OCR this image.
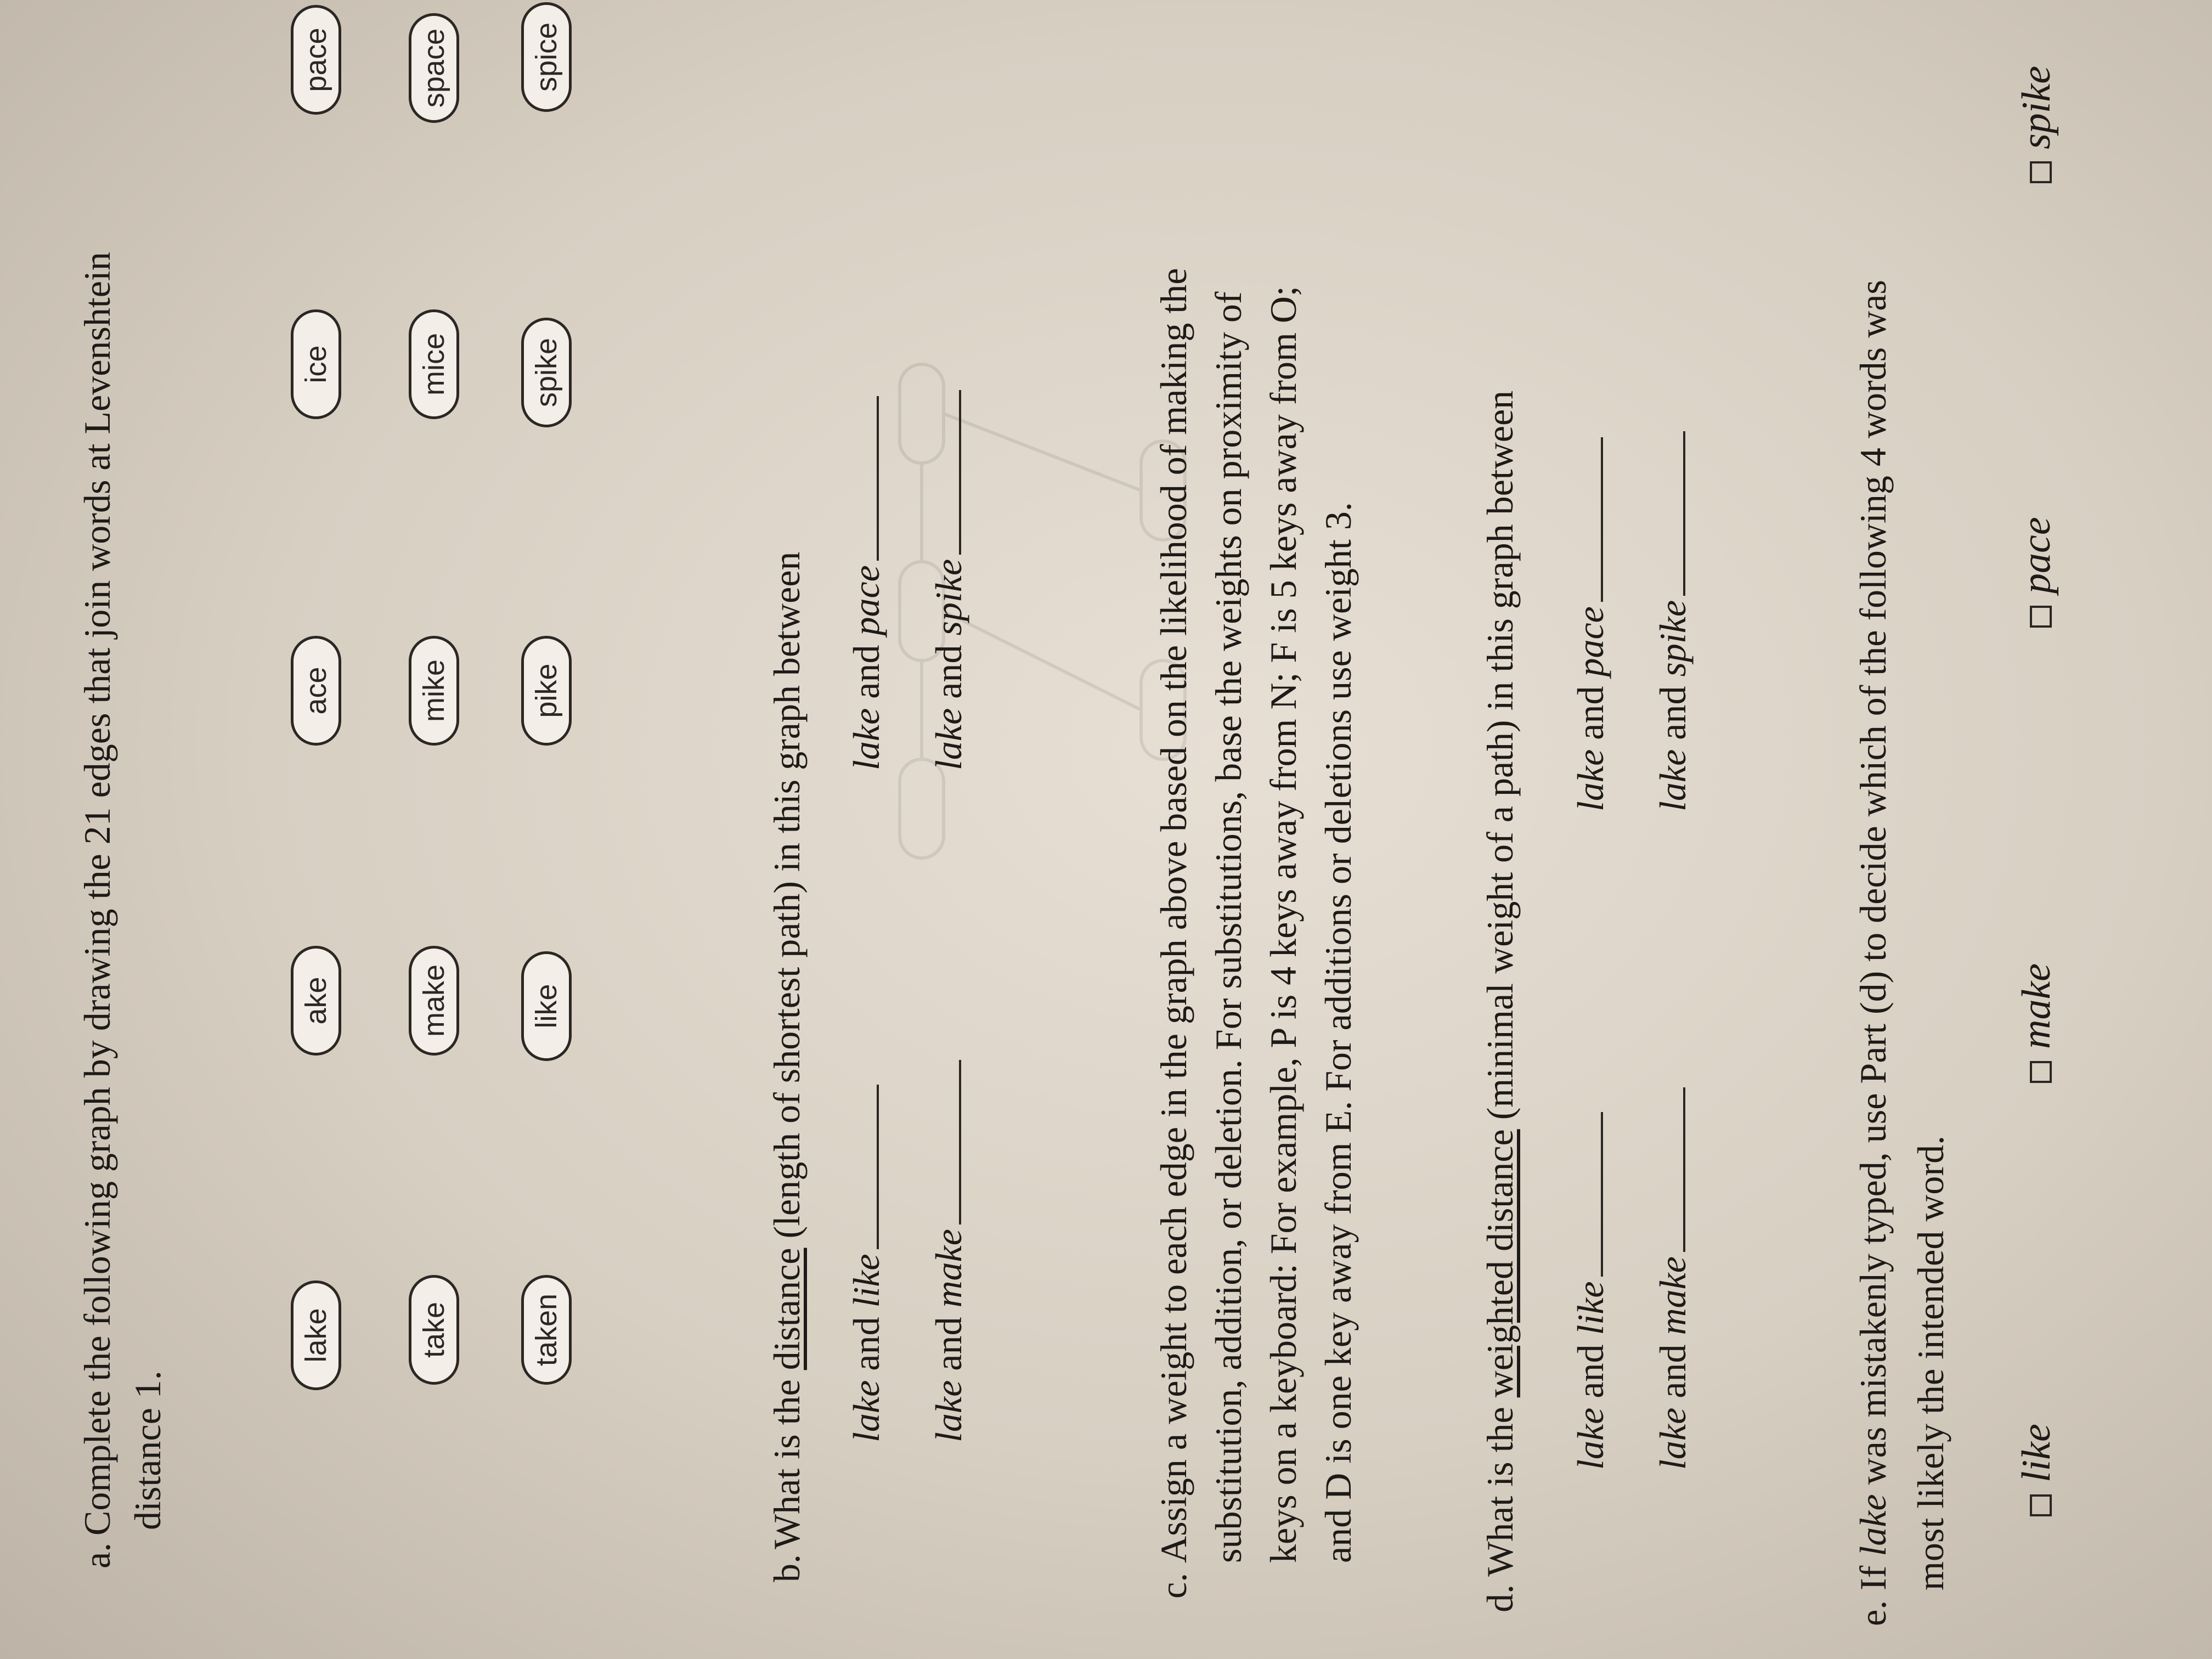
a.
Complete the following graph by drawing the 21 edges that join words at Levenshtein distance 1.
lake
ake
ace
ice
pace
take
make
mike
mice
space
taken
like
pike
spike
spice
b.
What is the distance (length of shortest path) in this graph between
lake and like
lake and pace
lake and make
lake and spike
c.
Assign a weight to each edge in the graph above based on the likelihood of making the substitution, addition, or deletion. For substitutions, base the weights on proximity of keys on a keyboard: For example, P is 4 keys away from N; F is 5 keys away from O; and D is one key away from E. For additions or deletions use weight 3.
d.
What is the weighted distance (minimal weight of a path) in this graph between
lake and like
lake and pace
lake and make
lake and spike
e.
If lake was mistakenly typed, use Part (d) to decide which of the following 4 words was most likely the intended word. like
make
pace
spike
